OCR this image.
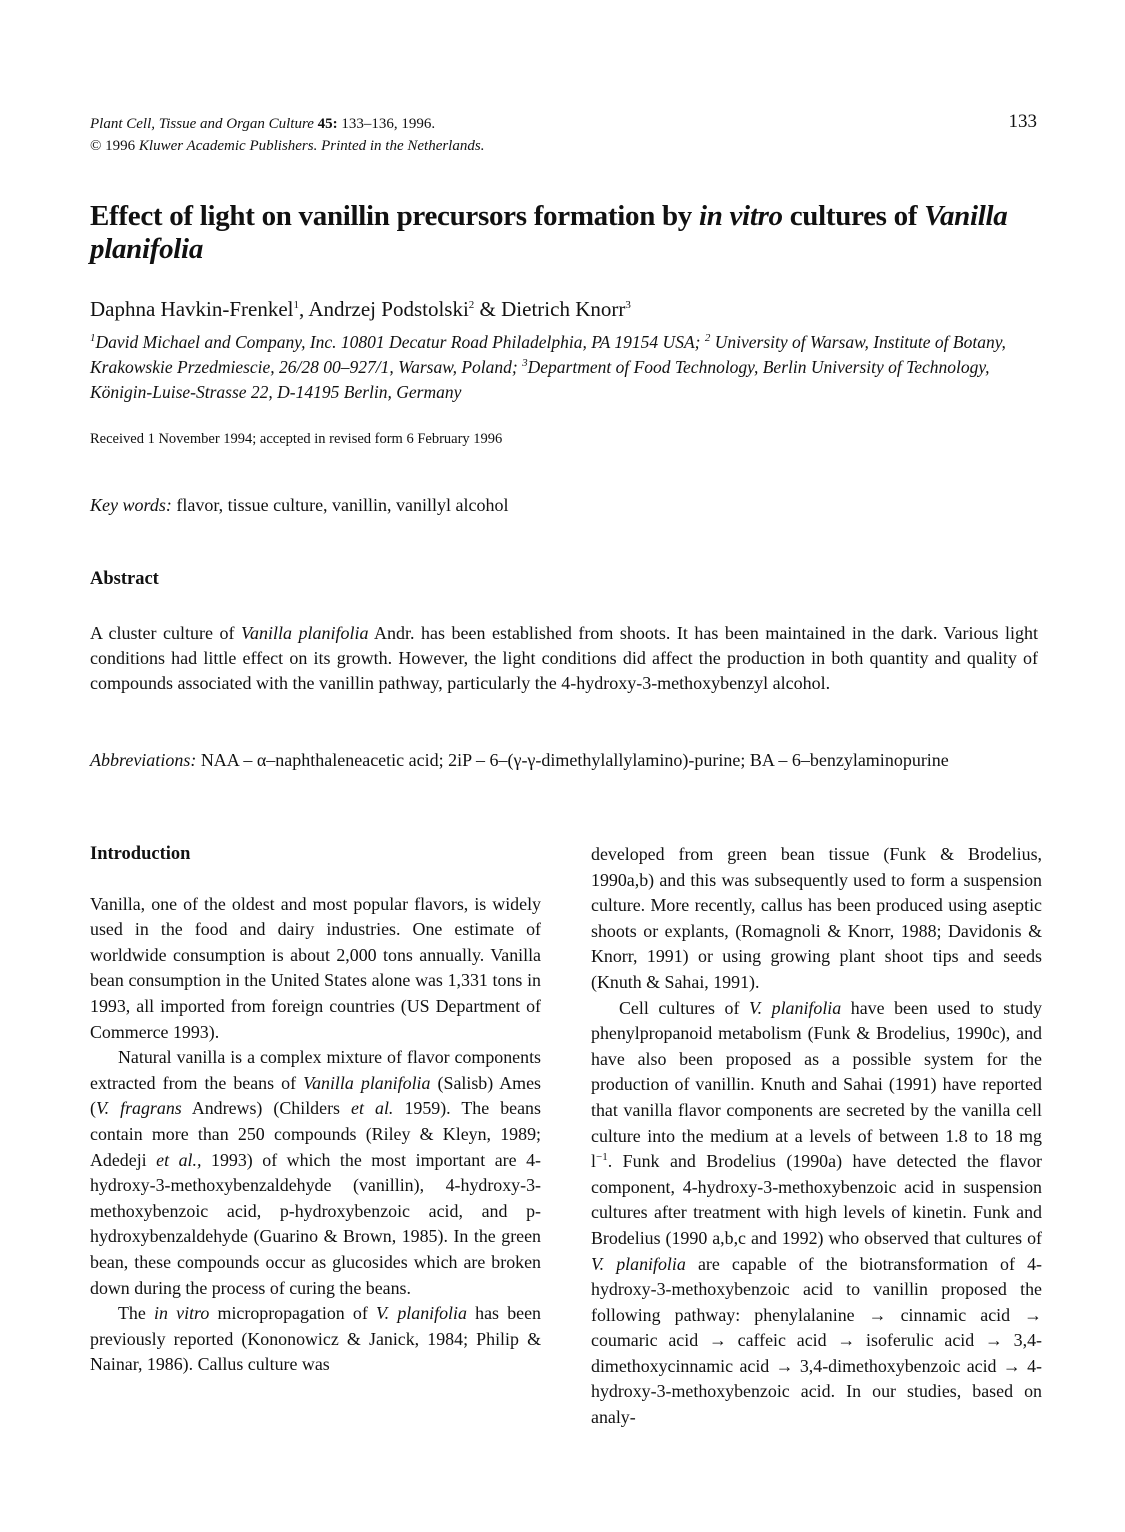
Plant Cell, Tissue and Organ Culture 45: 133–136, 1996.
© 1996 Kluwer Academic Publishers. Printed in the Netherlands.
133
Effect of light on vanillin precursors formation by in vitro cultures of Vanilla planifolia
Daphna Havkin-Frenkel$^1$, Andrzej Podstolski$^2$ & Dietrich Knorr$^3$
$^1$David Michael and Company, Inc. 10801 Decatur Road Philadelphia, PA 19154 USA; $^2$ University of Warsaw, Institute of Botany, Krakowskie Przedmiescie, 26/28 00–927/1, Warsaw, Poland; $^3$Department of Food Technology, Berlin University of Technology, Königin-Luise-Strasse 22, D-14195 Berlin, Germany
Received 1 November 1994; accepted in revised form 6 February 1996
Key words: flavor, tissue culture, vanillin, vanillyl alcohol
Abstract
A cluster culture of Vanilla planifolia Andr. has been established from shoots. It has been maintained in the dark. Various light conditions had little effect on its growth. However, the light conditions did affect the production in both quantity and quality of compounds associated with the vanillin pathway, particularly the 4-hydroxy-3-methoxybenzyl alcohol.
Abbreviations: NAA – α–naphthaleneacetic acid; 2iP – 6–(γ-γ-dimethylallylamino)-purine; BA – 6–benzylaminopurine

Introduction

Vanilla, one of the oldest and most popular flavors, is widely used in the food and dairy industries. One estimate of worldwide consumption is about 2,000 tons annually. Vanilla bean consumption in the United States alone was 1,331 tons in 1993, all imported from foreign countries (US Department of Commerce 1993).

Natural vanilla is a complex mixture of flavor components extracted from the beans of Vanilla planifolia (Salisb) Ames (V. fragrans Andrews) (Childers et al. 1959). The beans contain more than 250 compounds (Riley & Kleyn, 1989; Adedeji et al., 1993) of which the most important are 4-hydroxy-3-methoxybenzaldehyde (vanillin), 4-hydroxy-3-methoxybenzoic acid, p-hydroxybenzoic acid, and p-hydroxybenzaldehyde (Guarino & Brown, 1985). In the green bean, these compounds occur as glucosides which are broken down during the process of curing the beans.

The in vitro micropropagation of V. planifolia has been previously reported (Kononowicz & Janick, 1984; Philip & Nainar, 1986). Callus culture was

developed from green bean tissue (Funk & Brodelius, 1990a,b) and this was subsequently used to form a suspension culture. More recently, callus has been produced using aseptic shoots or explants, (Romagnoli & Knorr, 1988; Davidonis & Knorr, 1991) or using growing plant shoot tips and seeds (Knuth & Sahai, 1991).

Cell cultures of V. planifolia have been used to study phenylpropanoid metabolism (Funk & Brodelius, 1990c), and have also been proposed as a possible system for the production of vanillin. Knuth and Sahai (1991) have reported that vanilla flavor components are secreted by the vanilla cell culture into the medium at a levels of between 1.8 to 18 mg $l^{-1}$. Funk and Brodelius (1990a) have detected the flavor component, 4-hydroxy-3-methoxybenzoic acid in suspension cultures after treatment with high levels of kinetin. Funk and Brodelius (1990 a,b,c and 1992) who observed that cultures of V. planifolia are capable of the biotransformation of 4-hydroxy-3-methoxybenzoic acid to vanillin proposed the following pathway: phenylalanine → cinnamic acid → coumaric acid → caffeic acid → isoferulic acid → 3,4-dimethoxycinnamic acid → 3,4-dimethoxybenzoic acid → 4-hydroxy-3-methoxybenzoic acid. In our studies, based on analy-
